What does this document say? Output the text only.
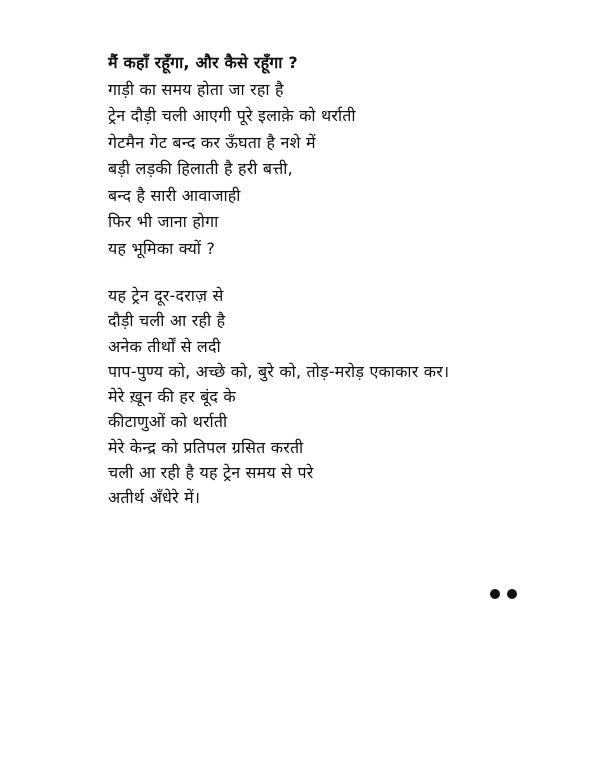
मैं कहाँ रहूँगा, और कैसे रहूँगा ?
गाड़ी का समय होता जा रहा है
ट्रेन दौड़ी चली आएगी पूरे इलाक़े को थर्राती
गेटमैन गेट बन्द कर ऊँघता है नशे में
बड़ी लड़की हिलाती है हरी बत्ती,
बन्द है सारी आवाजाही
फिर भी जाना होगा
यह भूमिका क्यों ?
यह ट्रेन दूर-दराज़ से
दौड़ी चली आ रही है
अनेक तीर्थों से लदी
पाप-पुण्य को, अच्छे को, बुरे को, तोड़-मरोड़ एकाकार कर।
मेरे ख़ून की हर बूंद के
कीटाणुओं को थर्राती
मेरे केन्द्र को प्रतिपल ग्रसित करती
चली आ रही है यह ट्रेन समय से परे
अतीर्थ अँधेरे में।
